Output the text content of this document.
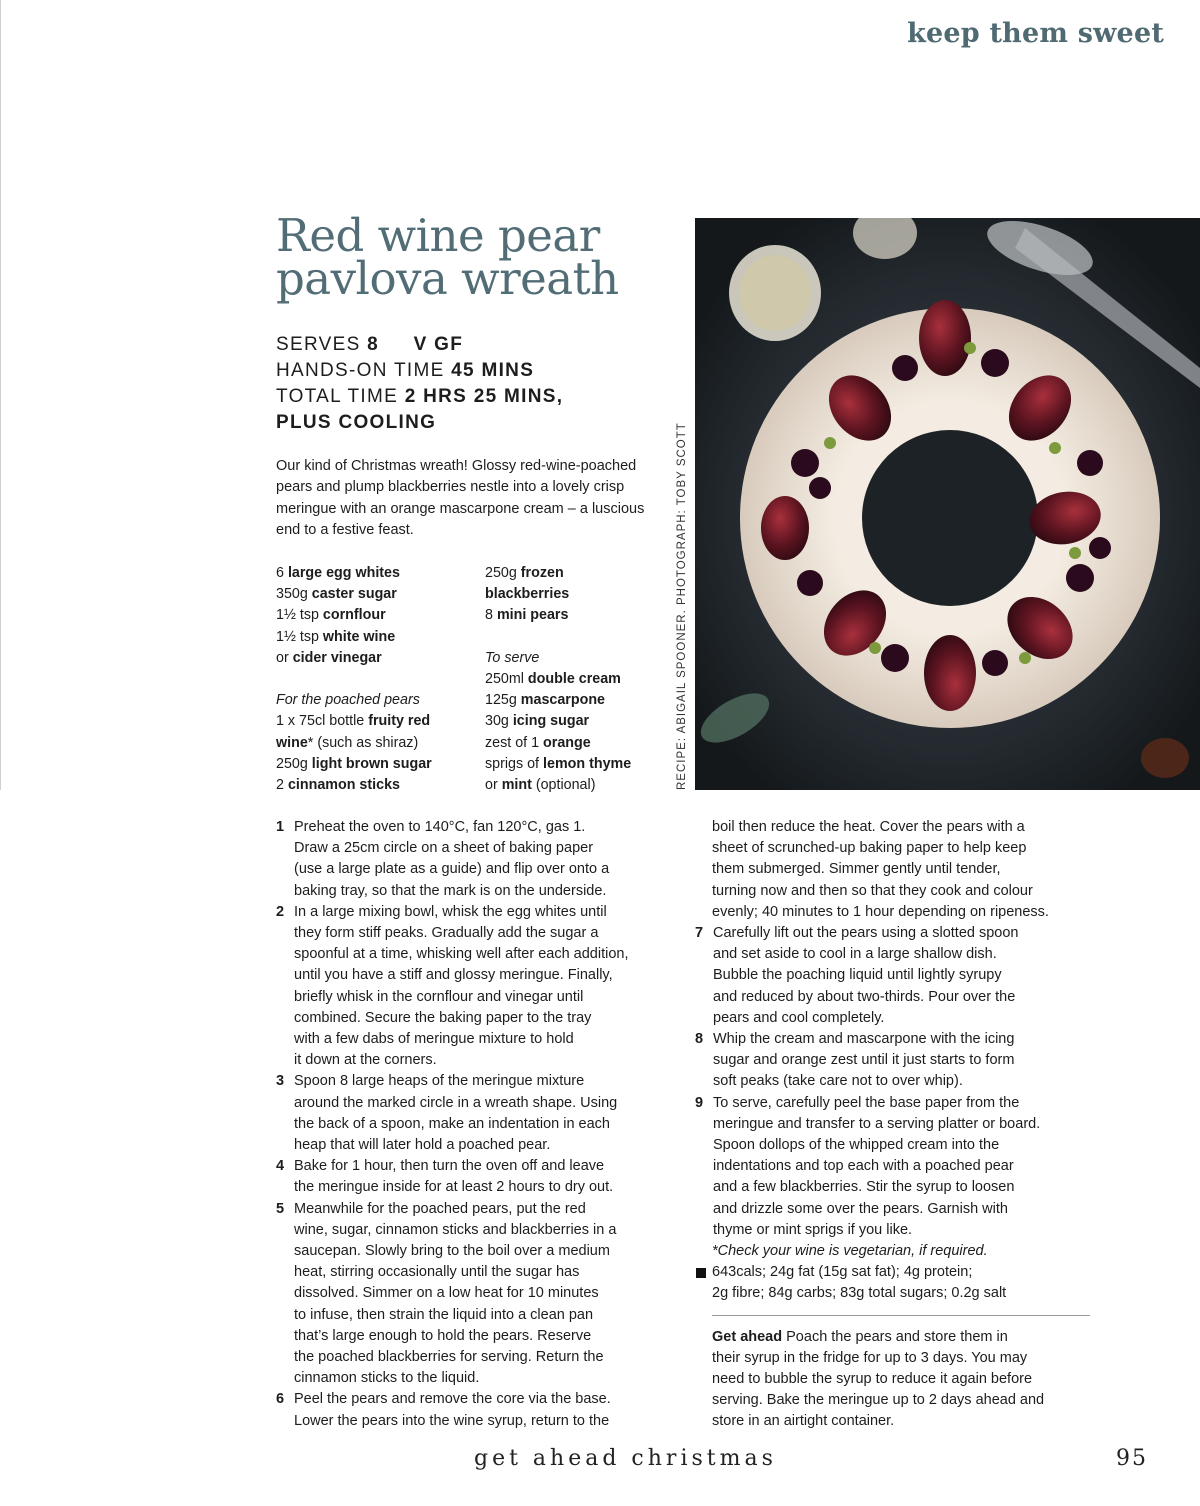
keep them sweet
Red wine pear
pavlova wreath
SERVES 8 V GF
HANDS-ON TIME 45 MINS
TOTAL TIME 2 HRS 25 MINS,
PLUS COOLING
Our kind of Christmas wreath! Glossy red-wine-poached pears and plump blackberries nestle into a lovely crisp meringue with an orange mascarpone cream – a luscious end to a festive feast.
6 large egg whites
350g caster sugar
1½ tsp cornflour
1½ tsp white wine
or cider vinegar
For the poached pears
1 x 75cl bottle fruity red
wine* (such as shiraz)
250g light brown sugar
2 cinnamon sticks
250g frozen
blackberries
8 mini pears
To serve
250ml double cream
125g mascarpone
30g icing sugar
zest of 1 orange
sprigs of lemon thyme
or mint (optional)	RECIPE: ABIGAIL SPOONER. PHOTOGRAPH: TOBY SCOTT
1 Preheat the oven to 140°C, fan 120°C, gas 1.
Draw a 25cm circle on a sheet of baking paper
(use a large plate as a guide) and flip over onto a
baking tray, so that the mark is on the underside.
2 In a large mixing bowl, whisk the egg whites until
they form stiff peaks. Gradually add the sugar a
spoonful at a time, whisking well after each addition,
until you have a stiff and glossy meringue. Finally,
briefly whisk in the cornflour and vinegar until
combined. Secure the baking paper to the tray
with a few dabs of meringue mixture to hold
it down at the corners.
3 Spoon 8 large heaps of the meringue mixture
around the marked circle in a wreath shape. Using
the back of a spoon, make an indentation in each
heap that will later hold a poached pear.
4 Bake for 1 hour, then turn the oven off and leave
the meringue inside for at least 2 hours to dry out.
5 Meanwhile for the poached pears, put the red
wine, sugar, cinnamon sticks and blackberries in a
saucepan. Slowly bring to the boil over a medium
heat, stirring occasionally until the sugar has
dissolved. Simmer on a low heat for 10 minutes
to infuse, then strain the liquid into a clean pan
that’s large enough to hold the pears. Reserve
the poached blackberries for serving. Return the
cinnamon sticks to the liquid.
6 Peel the pears and remove the core via the base.
Lower the pears into the wine syrup, return to the
boil then reduce the heat. Cover the pears with a
sheet of scrunched-up baking paper to help keep
them submerged. Simmer gently until tender,
turning now and then so that they cook and colour
evenly; 40 minutes to 1 hour depending on ripeness.
7 Carefully lift out the pears using a slotted spoon
and set aside to cool in a large shallow dish.
Bubble the poaching liquid until lightly syrupy
and reduced by about two-thirds. Pour over the
pears and cool completely.
8 Whip the cream and mascarpone with the icing
sugar and orange zest until it just starts to form
soft peaks (take care not to over whip).
9 To serve, carefully peel the base paper from the
meringue and transfer to a serving platter or board.
Spoon dollops of the whipped cream into the
indentations and top each with a poached pear
and a few blackberries. Stir the syrup to loosen
and drizzle some over the pears. Garnish with
thyme or mint sprigs if you like.
*Check your wine is vegetarian, if required.
643cals; 24g fat (15g sat fat); 4g protein;
2g fibre; 84g carbs; 83g total sugars; 0.2g salt
Get ahead Poach the pears and store them in
their syrup in the fridge for up to 3 days. You may
need to bubble the syrup to reduce it again before
serving. Bake the meringue up to 2 days ahead and
store in an airtight container.
get ahead christmas	95
